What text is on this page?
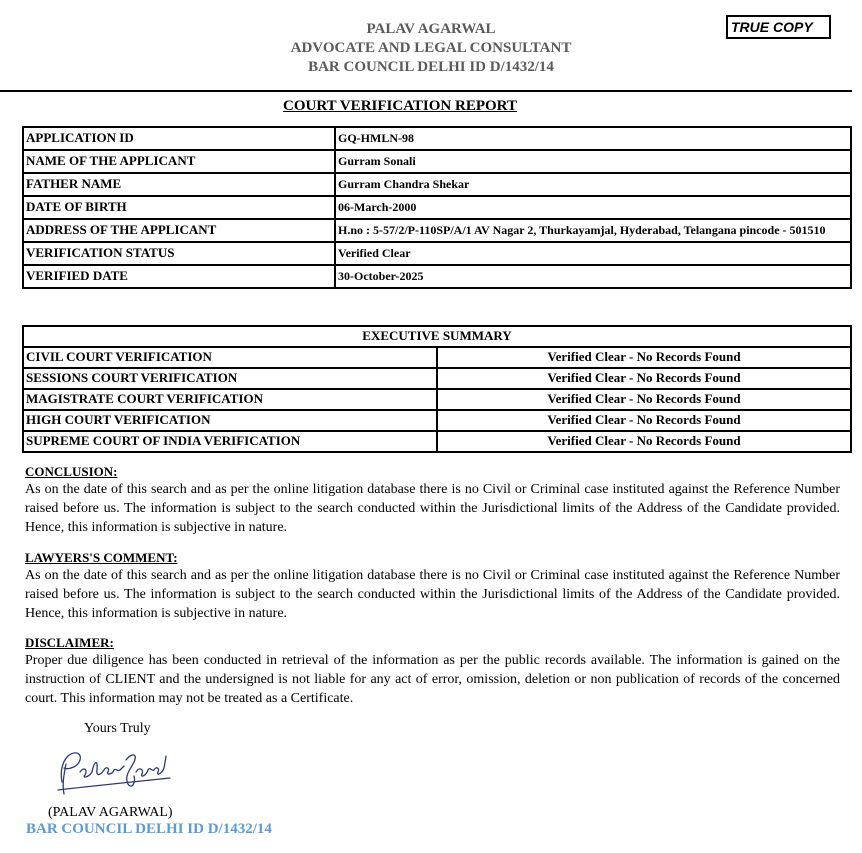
PALAV AGARWAL
ADVOCATE AND LEGAL CONSULTANT
BAR COUNCIL DELHI ID D/1432/14
TRUE COPY
COURT VERIFICATION REPORT
APPLICATION ID	GQ-HMLN-98
NAME OF THE APPLICANT	Gurram Sonali
FATHER NAME	Gurram Chandra Shekar
DATE OF BIRTH	06-March-2000
ADDRESS OF THE APPLICANT	H.no : 5-57/2/P-110SP/A/1 AV Nagar 2, Thurkayamjal, Hyderabad, Telangana pincode - 501510
VERIFICATION STATUS	Verified Clear
VERIFIED DATE	30-October-2025
EXECUTIVE SUMMARY	
CIVIL COURT VERIFICATION	Verified Clear - No Records Found
SESSIONS COURT VERIFICATION	Verified Clear - No Records Found
MAGISTRATE COURT VERIFICATION	Verified Clear - No Records Found
HIGH COURT VERIFICATION	Verified Clear - No Records Found
SUPREME COURT OF INDIA VERIFICATION	Verified Clear - No Records Found
CONCLUSION:
As on the date of this search and as per the online litigation database there is no Civil or Criminal case instituted against the Reference Number raised before us. The information is subject to the search conducted within the Jurisdictional limits of the Address of the Candidate provided. Hence, this information is subjective in nature.
LAWYERS'S COMMENT:
As on the date of this search and as per the online litigation database there is no Civil or Criminal case instituted against the Reference Number raised before us. The information is subject to the search conducted within the Jurisdictional limits of the Address of the Candidate provided. Hence, this information is subjective in nature.
DISCLAIMER:
Proper due diligence has been conducted in retrieval of the information as per the public records available. The information is gained on the instruction of CLIENT and the undersigned is not liable for any act of error, omission, deletion or non publication of records of the concerned court. This information may not be treated as a Certificate.
Yours Truly
(PALAV AGARWAL)
BAR COUNCIL DELHI ID D/1432/14
